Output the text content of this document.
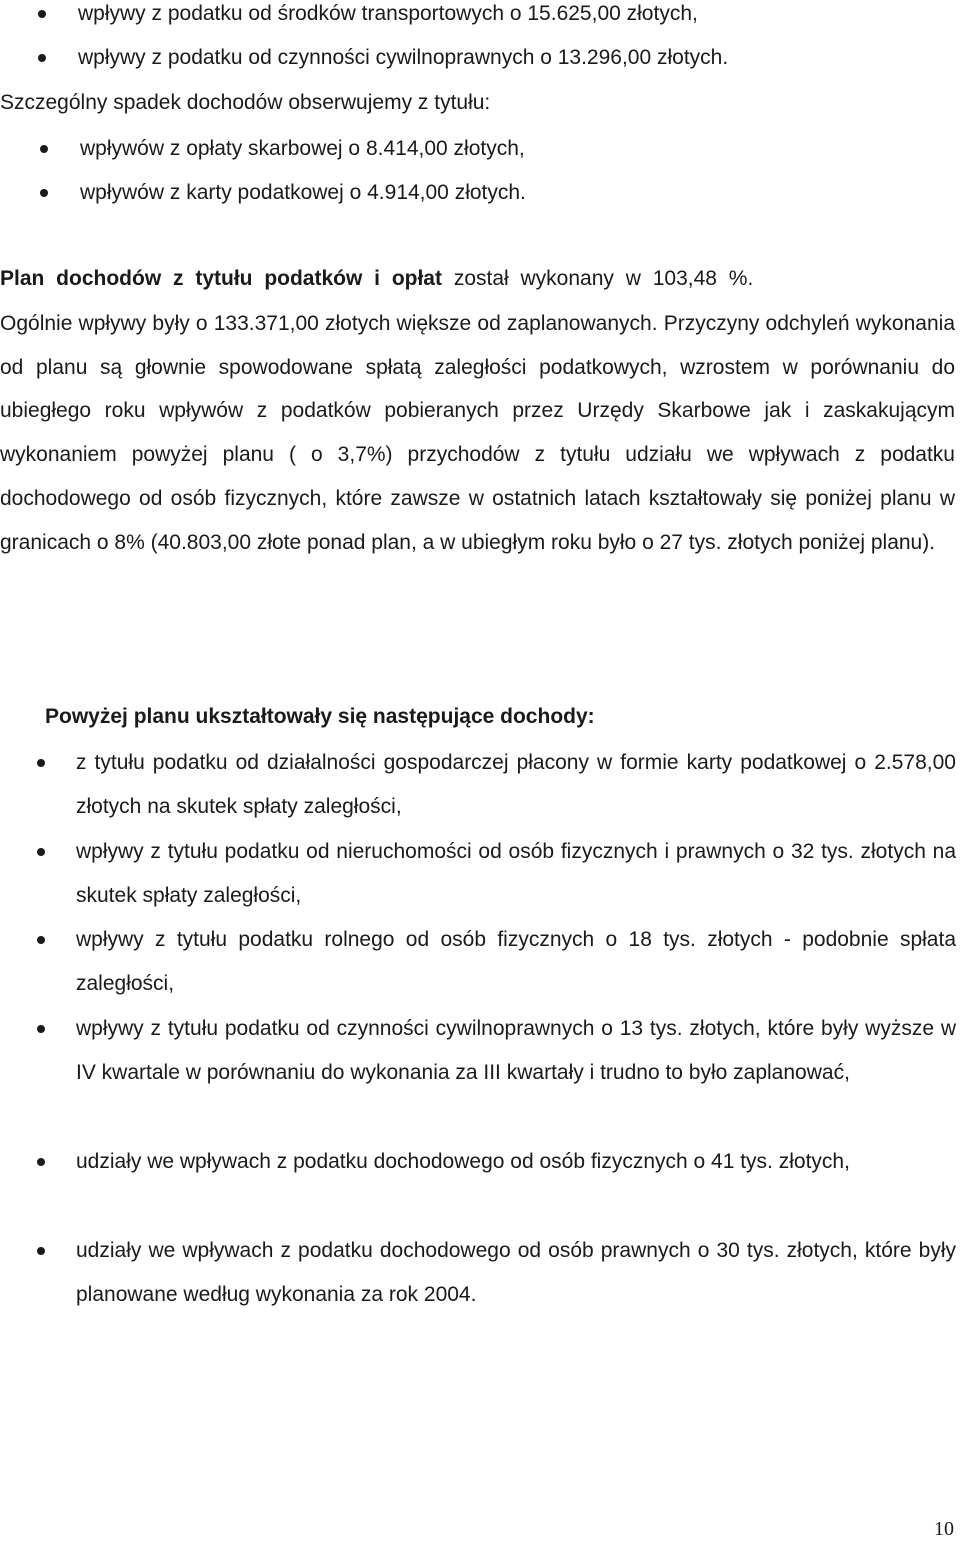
wpływy z podatku od środków transportowych o 15.625,00 złotych,
wpływy z podatku od czynności cywilnoprawnych o 13.296,00 złotych.
Szczególny spadek dochodów obserwujemy z tytułu:
wpływów z opłaty skarbowej o 8.414,00 złotych,
wpływów z karty podatkowej o 4.914,00 złotych.
Plan dochodów z tytułu podatków i opłat został wykonany w 103,48 %.
Ogólnie wpływy były o 133.371,00 złotych większe od zaplanowanych. Przyczyny odchyleń wykonania od planu są głownie spowodowane spłatą zaległości podatkowych, wzrostem w porównaniu do ubiegłego roku wpływów z podatków pobieranych przez Urzędy Skarbowe jak i zaskakującym wykonaniem powyżej planu ( o 3,7%) przychodów z tytułu udziału we wpływach z podatku dochodowego od osób fizycznych, które zawsze w ostatnich latach kształtowały się poniżej planu w granicach o 8% (40.803,00 złote ponad plan, a w ubiegłym roku było o 27 tys. złotych poniżej planu).
Powyżej planu ukształtowały się następujące dochody:
z tytułu podatku od działalności gospodarczej płacony w formie karty podatkowej o 2.578,00 złotych na skutek spłaty zaległości,
wpływy z tytułu podatku od nieruchomości od osób fizycznych i prawnych o 32 tys. złotych na skutek spłaty zaległości,
wpływy z tytułu podatku rolnego od osób fizycznych o 18 tys. złotych - podobnie spłata zaległości,
wpływy z tytułu podatku od czynności cywilnoprawnych o 13 tys. złotych, które były wyższe w IV kwartale w porównaniu do wykonania za III kwartały i trudno to było zaplanować,
udziały we wpływach z podatku dochodowego od osób fizycznych o 41 tys. złotych,
udziały we wpływach z podatku dochodowego od osób prawnych o 30 tys. złotych, które były planowane według wykonania za rok 2004.
10
